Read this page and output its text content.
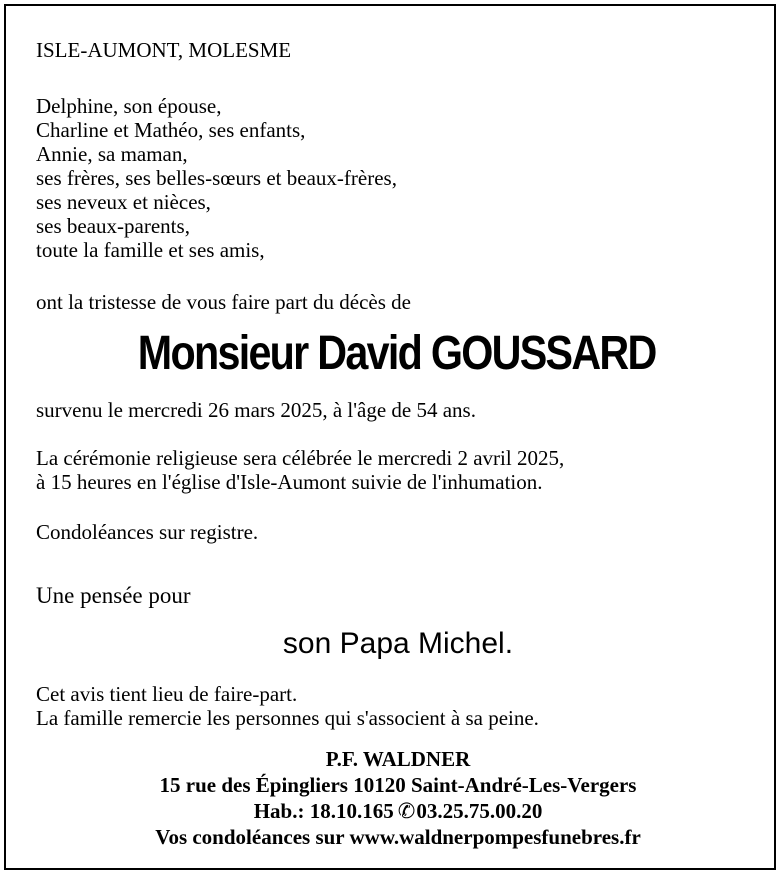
ISLE-AUMONT, MOLESME

Delphine, son épouse,
Charline et Mathéo, ses enfants,
Annie, sa maman,
ses frères, ses belles-sœurs et beaux-frères,
ses neveux et nièces,
ses beaux-parents,
toute la famille et ses amis,

ont la tristesse de vous faire part du décès de

Monsieur David GOUSSARD

survenu le mercredi 26 mars 2025, à l'âge de 54 ans.

La cérémonie religieuse sera célébrée le mercredi 2 avril 2025,
à 15 heures en l'église d'Isle-Aumont suivie de l'inhumation.

Condoléances sur registre.

Une pensée pour

son Papa Michel.
Cet avis tient lieu de faire-part.
La famille remercie les personnes qui s'associent à sa peine.
P.F. WALDNER
15 rue des Épingliers 10120 Saint-André-Les-Vergers
Hab.: 18.10.165 ✆03.25.75.00.20
Vos condoléances sur www.waldnerpompesfunebres.fr
